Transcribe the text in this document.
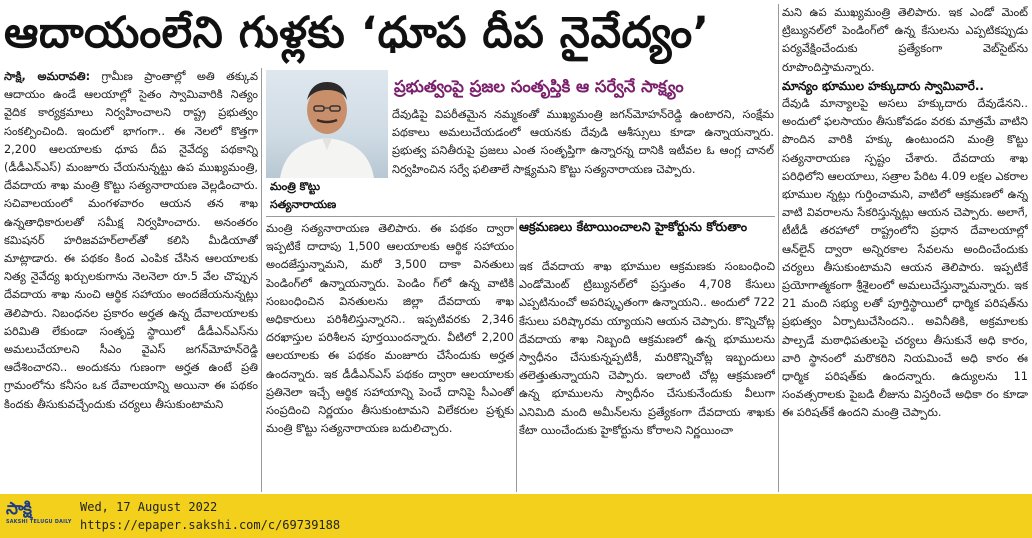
ఆదాయంలేని గుళ్లకు ‘ధూప దీప నైవేద్యం’

సాక్షి, అమరావతి: గ్రామీణ ప్రాంతాల్లో అతి తక్కువ ఆదాయం ఉండే ఆలయాల్లో సైతం స్వామివారికి నిత్యం వైదిక కార్యక్రమాలు నిర్వహించాలని రాష్ట్ర ప్రభుత్వం సంకల్పించింది. ఇందులో భాగంగా.. ఈ నెలలో కొత్తగా 2,200 ఆలయాలకు ధూప దీప నైవేద్య పథకాన్ని (డీడీఎన్‌ఎస్‌) మంజూరు చేయనున్నట్టు ఉప ముఖ్యమంత్రి, దేవదాయ శాఖ మంత్రి కొట్టు సత్యనారాయణ వెల్లడించారు. సచివాలయంలో మంగళవారం ఆయన తన శాఖ ఉన్నతాధికారులతో సమీక్ష నిర్వహించారు. అనంతరం కమిషనర్ హరిజవహర్‌లాల్‌తో కలిసి మీడియాతో మాట్లాడారు. ఈ పథకం కింద ఎంపిక చేసిన ఆలయాలకు నిత్య నైవేద్య ఖర్చులకుగాను నెలనెలా రూ.5 వేల చొప్పున దేవదాయ శాఖ నుంచి ఆర్థిక సహాయం అందజేయనున్నట్లు తెలిపారు. నిబంధనల ప్రకారం అర్హత ఉన్న దేవాలయాలకు పరిమితి లేకుండా సంతృప్త స్థాయిలో డీడీఎన్‌ఎస్‌ను అమలుచేయాలని సీఎం వైఎస్ జగన్‌మోహన్‌రెడ్డి ఆదేశించారని.. అందుకను గుణంగా అర్హత ఉంటే ప్రతి గ్రామంలోను కనీసం ఒక దేవాలయాన్ని అయినా ఈ పథకం కిందకు తీసుకువచ్చేందుకు చర్యలు తీసుకుంటామని

మంత్రి కొట్టు
సత్యనారాయణ
ప్రభుత్వంపై ప్రజల సంతృప్తికి ఆ సర్వేనే సాక్ష్యం

దేవుడిపై విపరీతమైన నమ్మకంతో ముఖ్యమంత్రి జగన్‌మోహన్‌రెడ్డి ఉంటారని, సంక్షేమ పథకాలు అమలుచేయడంలో ఆయనకు దేవుడి ఆశీస్సులు కూడా ఉన్నాయన్నారు. ప్రభుత్వ పనితీరుపై ప్రజలు ఎంత సంతృప్తిగా ఉన్నారన్న దానికి ఇటీవల ఓ ఆంగ్ల చానల్ నిర్వహించిన సర్వే ఫలితాలే సాక్ష్యమని కొట్టు సత్యనారాయణ చెప్పారు.

మంత్రి సత్యనారాయణ తెలిపారు. ఈ పథకం ద్వారా ఇప్పటికే దాదాపు 1,500 ఆలయాలకు ఆర్థిక సహాయం అందజేస్తున్నామని, మరో 3,500 దాకా వినతులు పెండింగ్‌లో ఉన్నాయన్నారు. పెండిం గ్‌లో ఉన్న వాటికి సంబంధించిన వినతులను జిల్లా దేవదాయ శాఖ అధికారులు పరిశీలిస్తున్నారని.. ఇప్పటివరకు 2,346 దరఖాస్తుల పరిశీలన పూర్తయిందన్నారు. వీటిలో 2,200 ఆలయాలకు ఈ పథకం మంజూరు చేసేందుకు అర్హత ఉందన్నారు. ఇక డీడీఎన్‌ఎస్ పథకం ద్వారా ఆలయాలకు ప్రతినెలా ఇచ్చే ఆర్థిక సహాయాన్ని పెంచే దానిపై సీఎంతో సంప్రదించి నిర్ణయం తీసుకుంటామని విలేకరుల ప్రశ్నకు మంత్రి కొట్టు సత్యనారాయణ బదులిచ్చారు.

ఆక్రమణలు కేటాయించాలని హైకోర్టును కోరుతాం

ఇక దేవదాయ శాఖ భూముల ఆక్రమణకు సంబంధించి ఎండోమెంట్ ట్రిబ్యునల్‌లో ప్రస్తుతం 4,708 కేసులు ఎప్పటినుంచో అపరిష్కృతంగా ఉన్నాయని.. అందులో 722 కేసులు పరిష్కారమ య్యాయని ఆయన చెప్పారు. కొన్నిచోట్ల దేవదాయ శాఖ నిబ్బంది ఆక్రమణలో ఉన్న భూములను స్వాధీనం చేసుకున్నప్పటికీ, మరికొన్నిచోట్ల ఇబ్బందులు తలెత్తుతున్నాయని చెప్పారు. ఇలాంటి చోట్ల ఆక్రమణలో ఉన్న భూములను స్వాధీనం చేసుకునేందుకు వీలుగా ఎనిమిది మంది అమీన్‌లను ప్రత్యేకంగా దేవదాయ శాఖకు కేటా యించేందుకు హైకోర్టును కోరాలని నిర్ణయించా

మని ఉప ముఖ్యమంత్రి తెలిపారు. ఇక ఎండో మెంట్ ట్రిబ్యునల్‌లో పెండింగ్‌లో ఉన్న కేసులను ఎప్పటికప్పుడు పర్యవేక్షించేందుకు ప్రత్యేకంగా వెబ్‌సైట్‌ను రూపొందిస్తామన్నారు.

మాన్యం భూముల హక్కుదారు స్వామివారే..

దేవుడి మాన్యాలపై అసలు హక్కుదారు దేవుడేనని.. అందులో ఫలసాయం తీసుకోవడం వరకు మాత్రమే వాటిని పొందిన వారికి హక్కు ఉంటుందని మంత్రి కొట్టు సత్యనారాయణ స్పష్టం చేశారు. దేవదాయ శాఖ పరిధిలోని ఆలయాలు, సత్రాల పేరిట 4.09 లక్షల ఎకరాల భూముల న్నట్లు గుర్తించామని, వాటిలో ఆక్రమణలో ఉన్న వాటి వివరాలను సేకరిస్తున్నట్లు ఆయన చెప్పారు. అలాగే, టీటీడీ తరహాలో రాష్ట్రంలోని ప్రధాన దేవాలయాల్లో ఆన్‌లైన్ ద్వారా అన్నిరకాల సేవలను అందించేందుకు చర్యలు తీసుకుంటామని ఆయన తెలిపారు. ఇప్పటికే ప్రయోగాత్మకంగా శ్రీశైలంలో అమలుచేస్తున్నామన్నారు. ఇక 21 మంది సభ్యు లతో పూర్తిస్థాయిలో ధార్మిక పరిషత్‌ను ప్రభుత్వం ఏర్పాటుచేసిందని.. అవినీతికి, అక్రమాలకు పాల్పడే మఠాధిపతులపై చర్యలు తీసుకునే అధి కారం, వారి స్థానంలో మరొకరిని నియమించే అధి కారం ఈ ధార్మిక పరిషత్‌కు ఉందన్నారు. ఉద్యులను 11 సంవత్సరాలకు పైబడి లీజును విస్తరించే అధికా రం కూడా ఈ పరిషత్‌కే ఉందని మంత్రి చెప్పారు.

సాక్షి
SAKSHI TELUGU DAILY
Wed, 17 August 2022
https://epaper.sakshi.com/c/69739188
